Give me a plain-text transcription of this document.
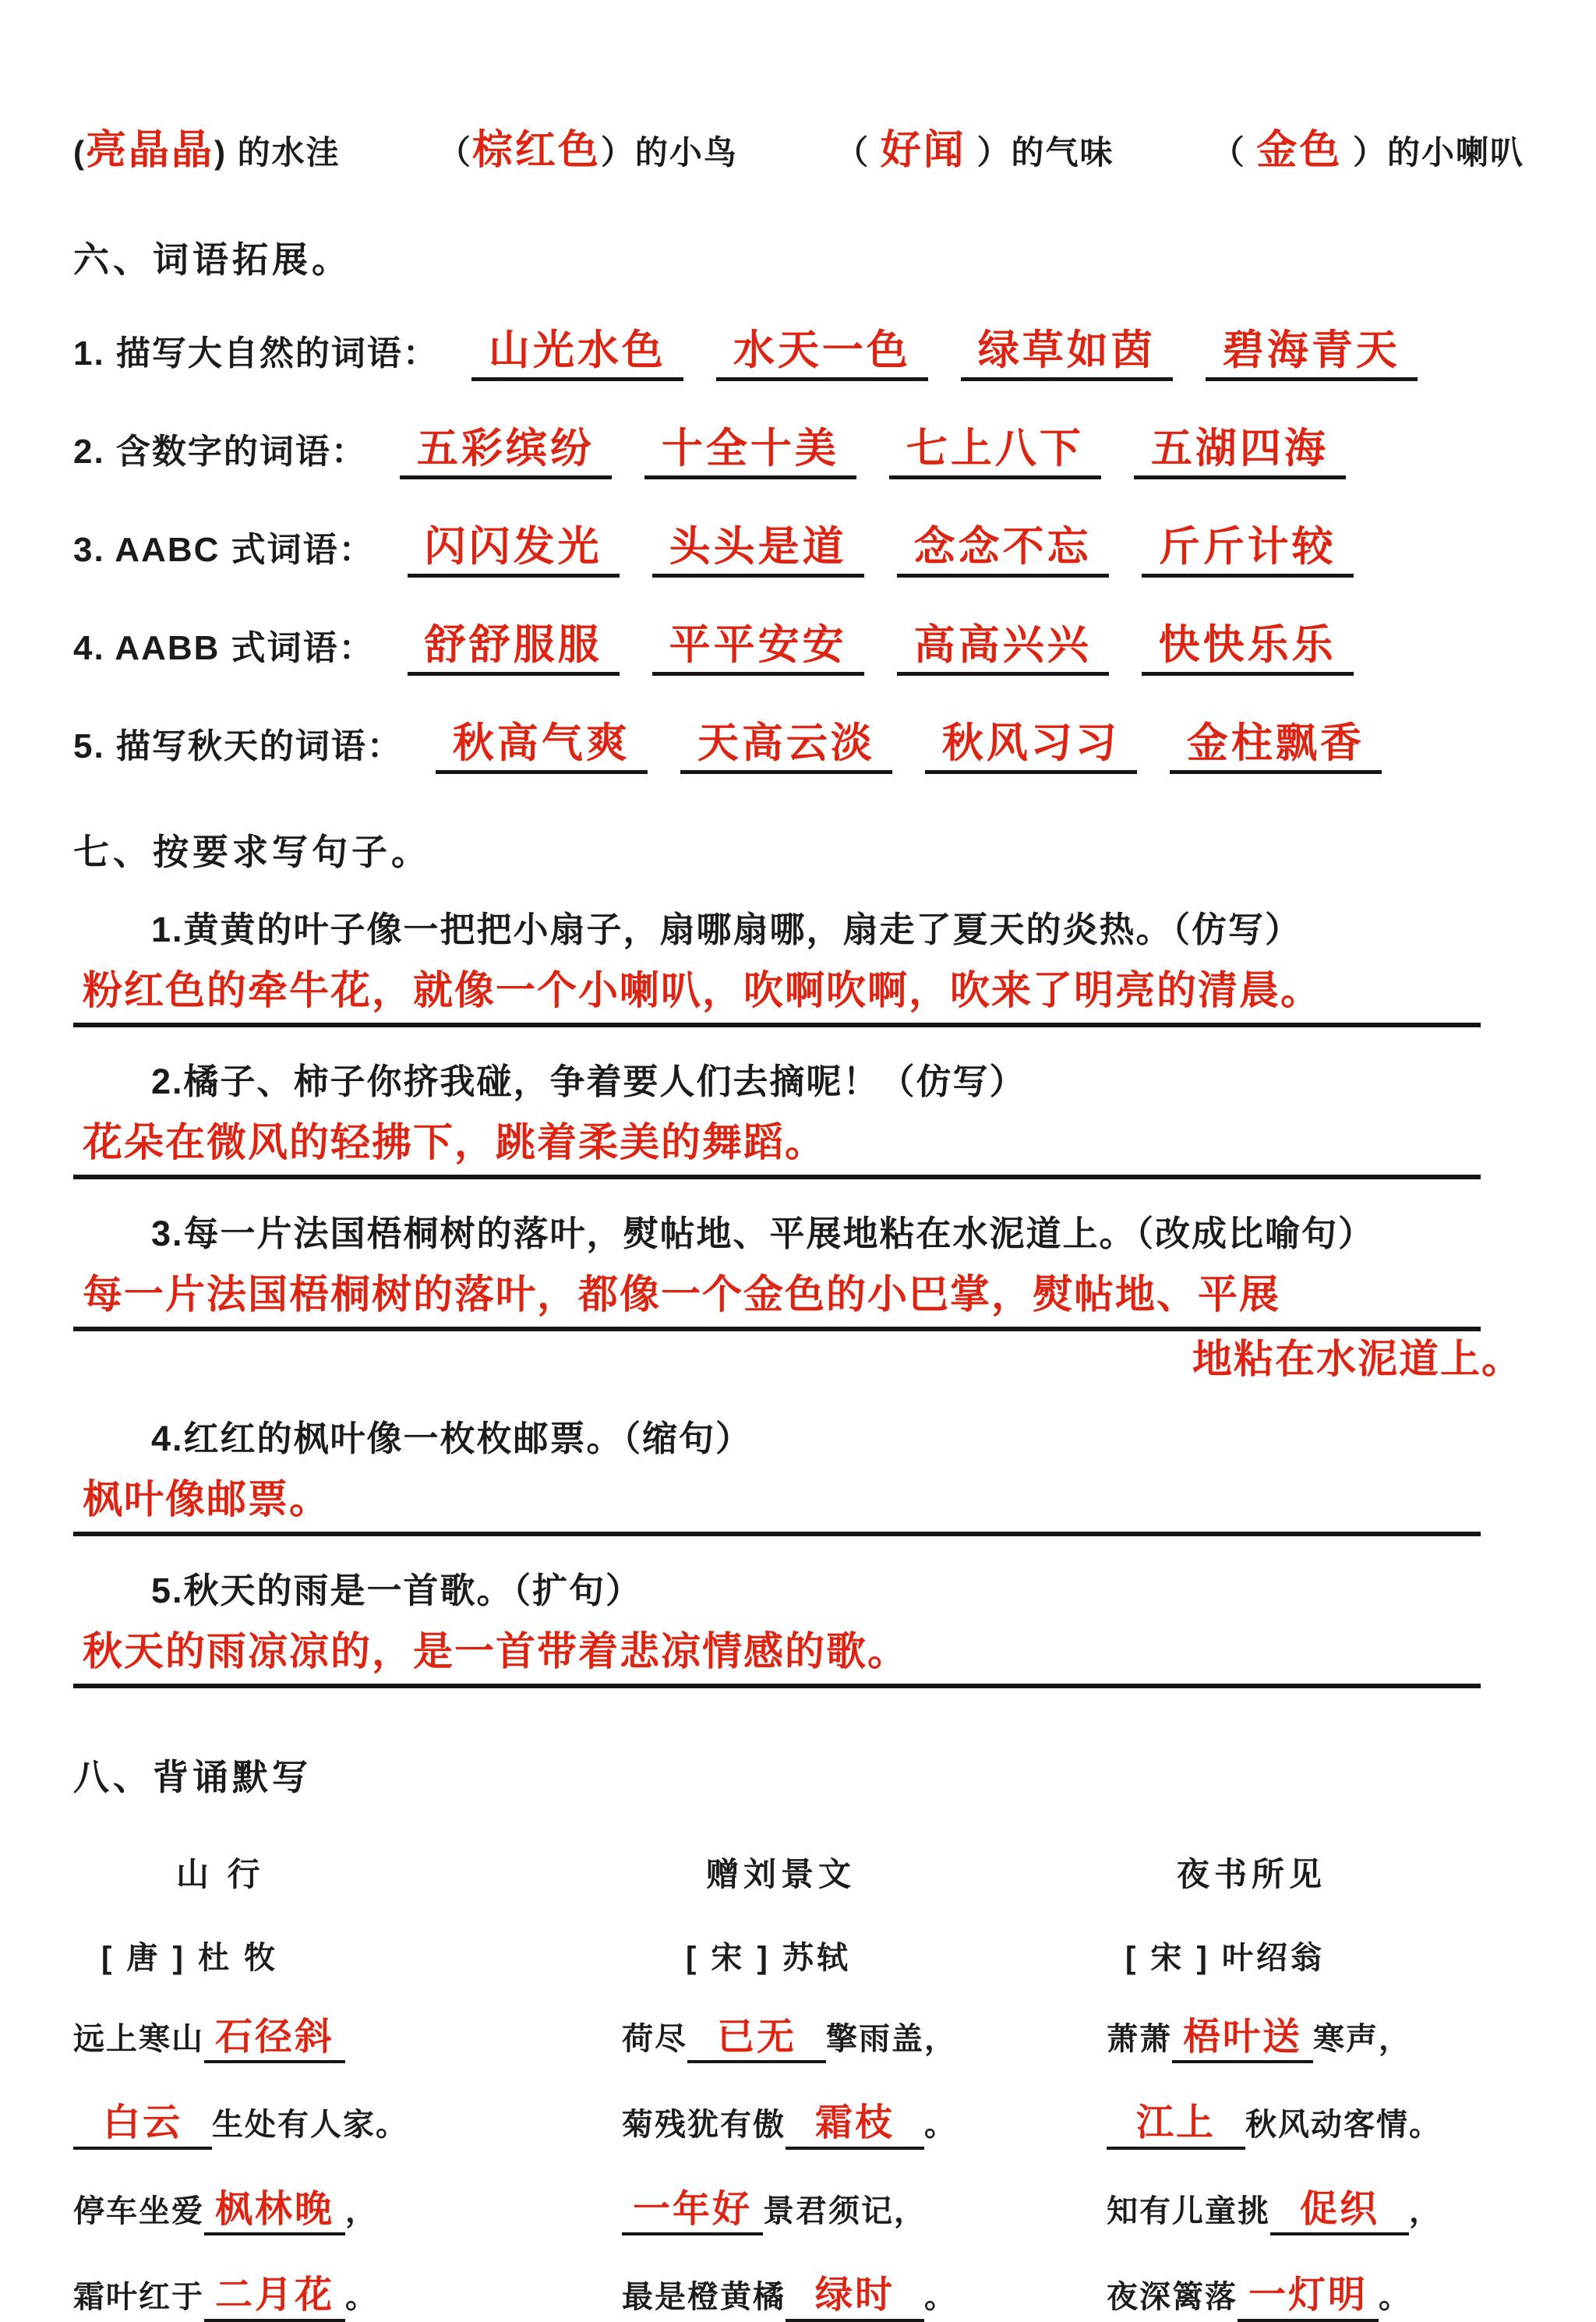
(亮晶晶) 的水洼	（棕红色）的小鸟	（ 好闻 ）的气味	（ 金色 ）的小喇叭
六、词语拓展。
1. 描写大自然的词语：	山光水色	水天一色	绿草如茵	碧海青天
2. 含数字的词语：	五彩缤纷	十全十美	七上八下	五湖四海
3. AABC 式词语：	闪闪发光	头头是道	念念不忘	斤斤计较
4. AABB 式词语：	舒舒服服	平平安安	高高兴兴	快快乐乐
5. 描写秋天的词语：	秋高气爽	天高云淡	秋风习习	金柱飘香
七、按要求写句子。
1.黄黄的叶子像一把把小扇子，扇哪扇哪，扇走了夏天的炎热。（仿写）
粉红色的牵牛花，就像一个小喇叭，吹啊吹啊，吹来了明亮的清晨。
2.橘子、柿子你挤我碰，争着要人们去摘呢！（仿写）
花朵在微风的轻拂下，跳着柔美的舞蹈。
3.每一片法国梧桐树的落叶，熨帖地、平展地粘在水泥道上。（改成比喻句）
每一片法国梧桐树的落叶，都像一个金色的小巴掌，熨帖地、平展
地粘在水泥道上。
4.红红的枫叶像一枚枚邮票。（缩句）
枫叶像邮票。
5.秋天的雨是一首歌。（扩句）
秋天的雨凉凉的，是一首带着悲凉情感的歌。
八、背诵默写
山 行
[ 唐 ] 杜 牧
远上寒山 石径斜
白云 生处有人家。
停车坐爱 枫林晚 ，
霜叶红于 二月花 。
赠刘景文
[ 宋 ] 苏轼
荷尽 已无 擎雨盖，
菊残犹有傲 霜枝 。
一年好 景君须记，
最是橙黄橘 绿时 。
夜书所见
[ 宋 ] 叶绍翁
萧萧 梧叶送 寒声，
江上 秋风动客情。
知有儿童挑 促织 ，
夜深篱落 一灯明 。
